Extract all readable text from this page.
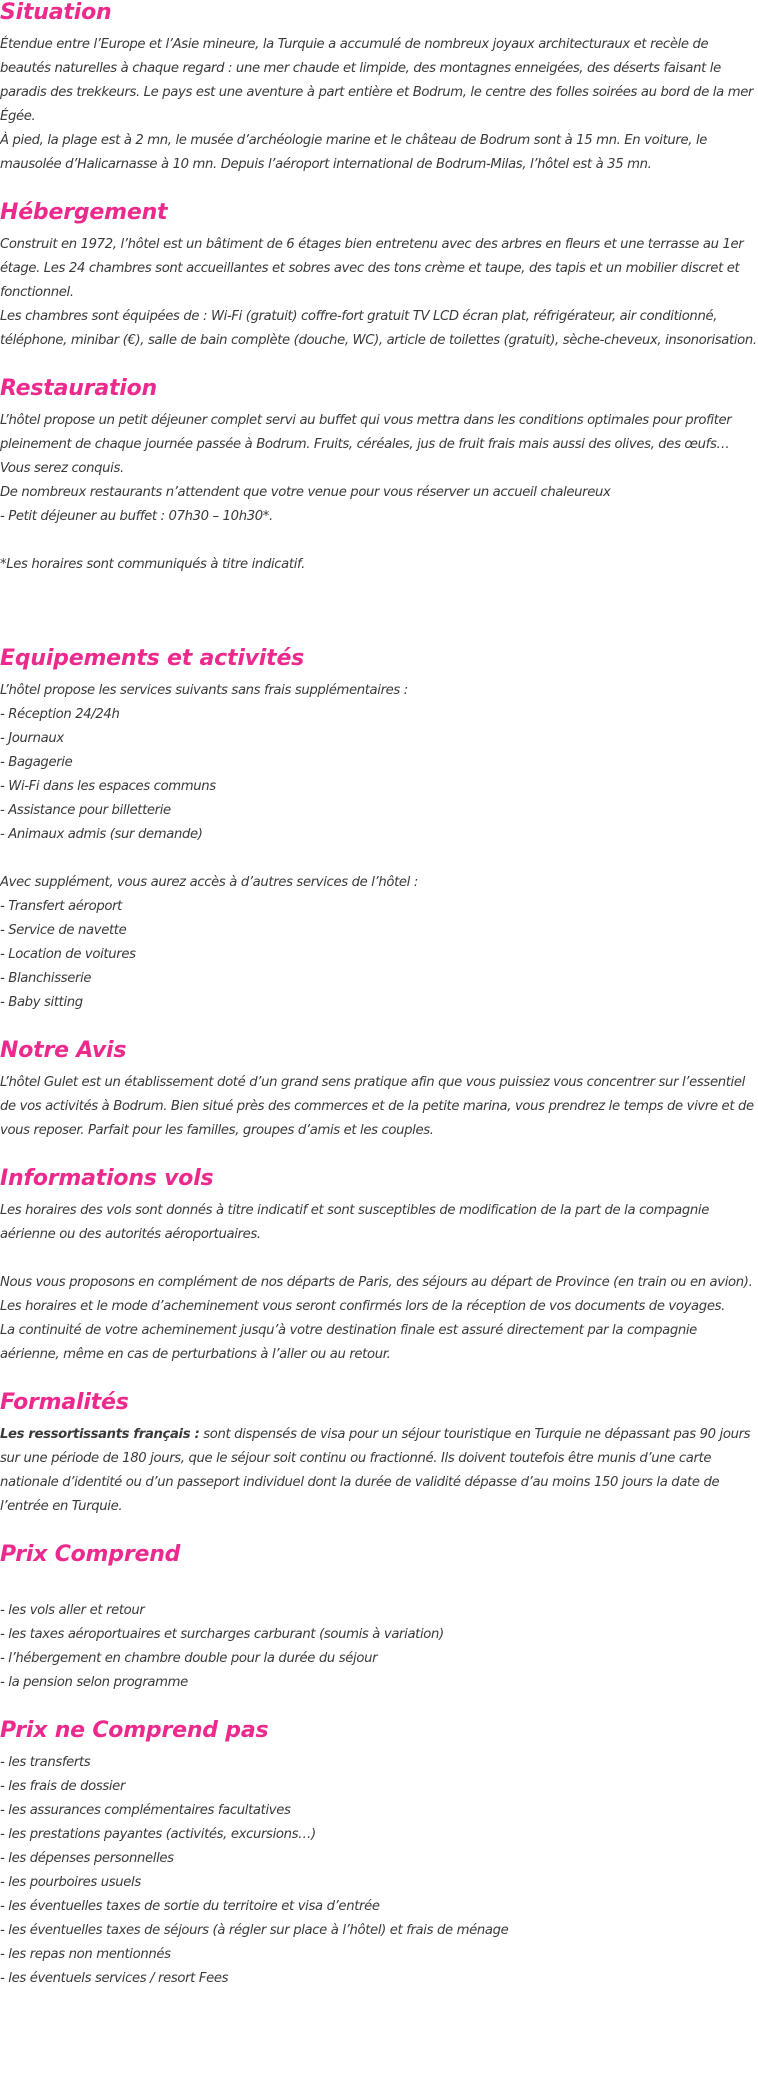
Situation
Étendue entre l’Europe et l’Asie mineure, la Turquie a accumulé de nombreux joyaux architecturaux et recèle de beautés naturelles à chaque regard : une mer chaude et limpide, des montagnes enneigées, des déserts faisant le paradis des trekkeurs. Le pays est une aventure à part entière et Bodrum, le centre des folles soirées au bord de la mer Égée.
À pied, la plage est à 2 mn, le musée d’archéologie marine et le château de Bodrum sont à 15 mn. En voiture, le mausolée d’Halicarnasse à 10 mn. Depuis l’aéroport international de Bodrum-Milas, l’hôtel est à 35 mn.
Hébergement
Construit en 1972, l’hôtel est un bâtiment de 6 étages bien entretenu avec des arbres en fleurs et une terrasse au 1er étage. Les 24 chambres sont accueillantes et sobres avec des tons crème et taupe, des tapis et un mobilier discret et fonctionnel.
Les chambres sont équipées de : Wi-Fi (gratuit) coffre-fort gratuit TV LCD écran plat, réfrigérateur, air conditionné, téléphone, minibar (€), salle de bain complète (douche, WC), article de toilettes (gratuit), sèche-cheveux, insonorisation.
Restauration
L’hôtel propose un petit déjeuner complet servi au buffet qui vous mettra dans les conditions optimales pour profiter pleinement de chaque journée passée à Bodrum. Fruits, céréales, jus de fruit frais mais aussi des olives, des œufs…Vous serez conquis.
De nombreux restaurants n’attendent que votre venue pour vous réserver un accueil chaleureux
- Petit déjeuner au buffet : 07h30 – 10h30*.
*Les horaires sont communiqués à titre indicatif.
Equipements et activités
L’hôtel propose les services suivants sans frais supplémentaires :
- Réception 24/24h
- Journaux
- Bagagerie
- Wi-Fi dans les espaces communs
- Assistance pour billetterie
- Animaux admis (sur demande)
Avec supplément, vous aurez accès à d’autres services de l’hôtel :
- Transfert aéroport
- Service de navette
- Location de voitures
- Blanchisserie
- Baby sitting
Notre Avis
L’hôtel Gulet est un établissement doté d’un grand sens pratique afin que vous puissiez vous concentrer sur l’essentiel de vos activités à Bodrum. Bien situé près des commerces et de la petite marina, vous prendrez le temps de vivre et de vous reposer. Parfait pour les familles, groupes d’amis et les couples.
Informations vols
Les horaires des vols sont donnés à titre indicatif et sont susceptibles de modification de la part de la compagnie aérienne ou des autorités aéroportuaires.
Nous vous proposons en complément de nos départs de Paris, des séjours au départ de Province (en train ou en avion). Les horaires et le mode d’acheminement vous seront confirmés lors de la réception de vos documents de voyages.
La continuité de votre acheminement jusqu’à votre destination finale est assuré directement par la compagnie aérienne, même en cas de perturbations à l’aller ou au retour.
Formalités
Les ressortissants français : sont dispensés de visa pour un séjour touristique en Turquie ne dépassant pas 90 jours sur une période de 180 jours, que le séjour soit continu ou fractionné. Ils doivent toutefois être munis d’une carte nationale d’identité ou d’un passeport individuel dont la durée de validité dépasse d’au moins 150 jours la date de l’entrée en Turquie.
Prix Comprend
- les vols aller et retour
- les taxes aéroportuaires et surcharges carburant (soumis à variation)
- l’hébergement en chambre double pour la durée du séjour
- la pension selon programme
Prix ne Comprend pas
- les transferts
- les frais de dossier
- les assurances complémentaires facultatives
- les prestations payantes (activités, excursions…)
- les dépenses personnelles
- les pourboires usuels
- les éventuelles taxes de sortie du territoire et visa d’entrée
- les éventuelles taxes de séjours (à régler sur place à l’hôtel) et frais de ménage
- les repas non mentionnés
- les éventuels services / resort Fees
